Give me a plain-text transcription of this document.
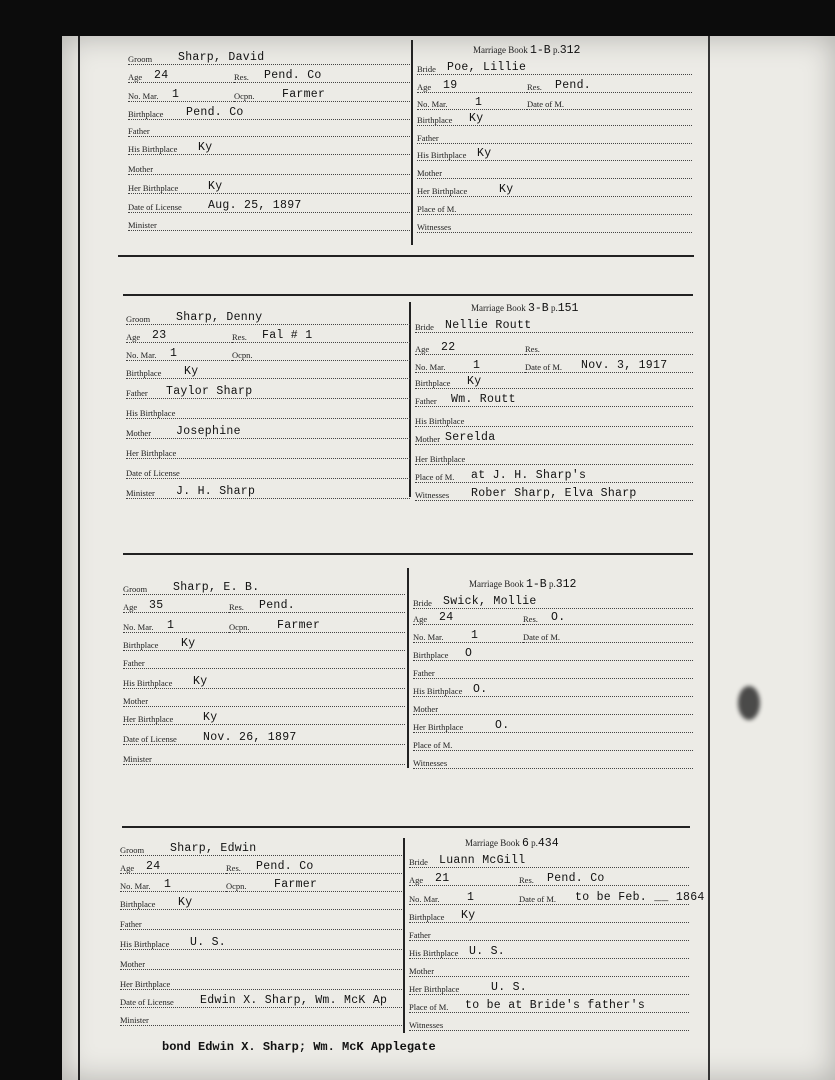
Marriage Book 1-B p.312
Groom Sharp, David
Age 24
No. Mar. 1
Birthplace Pend. Co
Father
His Birthplace Ky
Mother
Her Birthplace	Ky
Date of License Aug. 25, 1897
Minister
Res. Pend. Co
Ocpn. Farmer
Bride Poe, Lillie
Age 19
No. Mar. 1
Birthplace Ky
Father
His Birthplace Ky
Mother
Her Birthplace	Ky
Place of M.
Witnesses
Res. Pend.
Date of M.
Marriage Book 3-B p.151
Groom Sharp, Denny
Age 23
No. Mar. 1
Birthplace Ky
Father Taylor Sharp
His Birthplace
Mother Josephine
Her Birthplace
Date of License
Minister J. H. Sharp
Res. Fal # 1
Ocpn.
Bride Nellie Routt
Age 22
No. Mar. 1
Birthplace Ky
Father Wm. Routt
His Birthplace
Mother Serelda
Her Birthplace
Place of M. at J. H. Sharp's
Witnesses Rober Sharp, Elva Sharp
Res.
Date of M. Nov. 3, 1917
Marriage Book 1-B p.312
Groom Sharp, E. B.
Age 35
No. Mar. 1
Birthplace Ky
Father
His Birthplace Ky
Mother
Her Birthplace	Ky
Date of License Nov. 26, 1897
Minister
Res. Pend.
Ocpn. Farmer
Bride Swick, Mollie
Age 24
No. Mar. 1
Birthplace O
Father
His Birthplace O.
Mother
Her Birthplace	O.
Place of M.
Witnesses
Res. O.
Date of M.
Marriage Book 6 p.434
Groom Sharp, Edwin
Age 24
No. Mar. 1
Birthplace Ky
Father
His Birthplace U. S.
Mother
Her Birthplace
Date of License Edwin X. Sharp, Wm. McK Ap
Minister
Res. Pend. Co
Ocpn. Farmer
Bride Luann McGill
Age 21
No. Mar. 1
Birthplace Ky
Father
His Birthplace U. S.
Mother
Her Birthplace	U. S.
Place of M. to be at Bride's father's
Witnesses
Res. Pend. Co
Date of M. to be Feb. __ 1864
bond Edwin X. Sharp; Wm. McK Applegate
